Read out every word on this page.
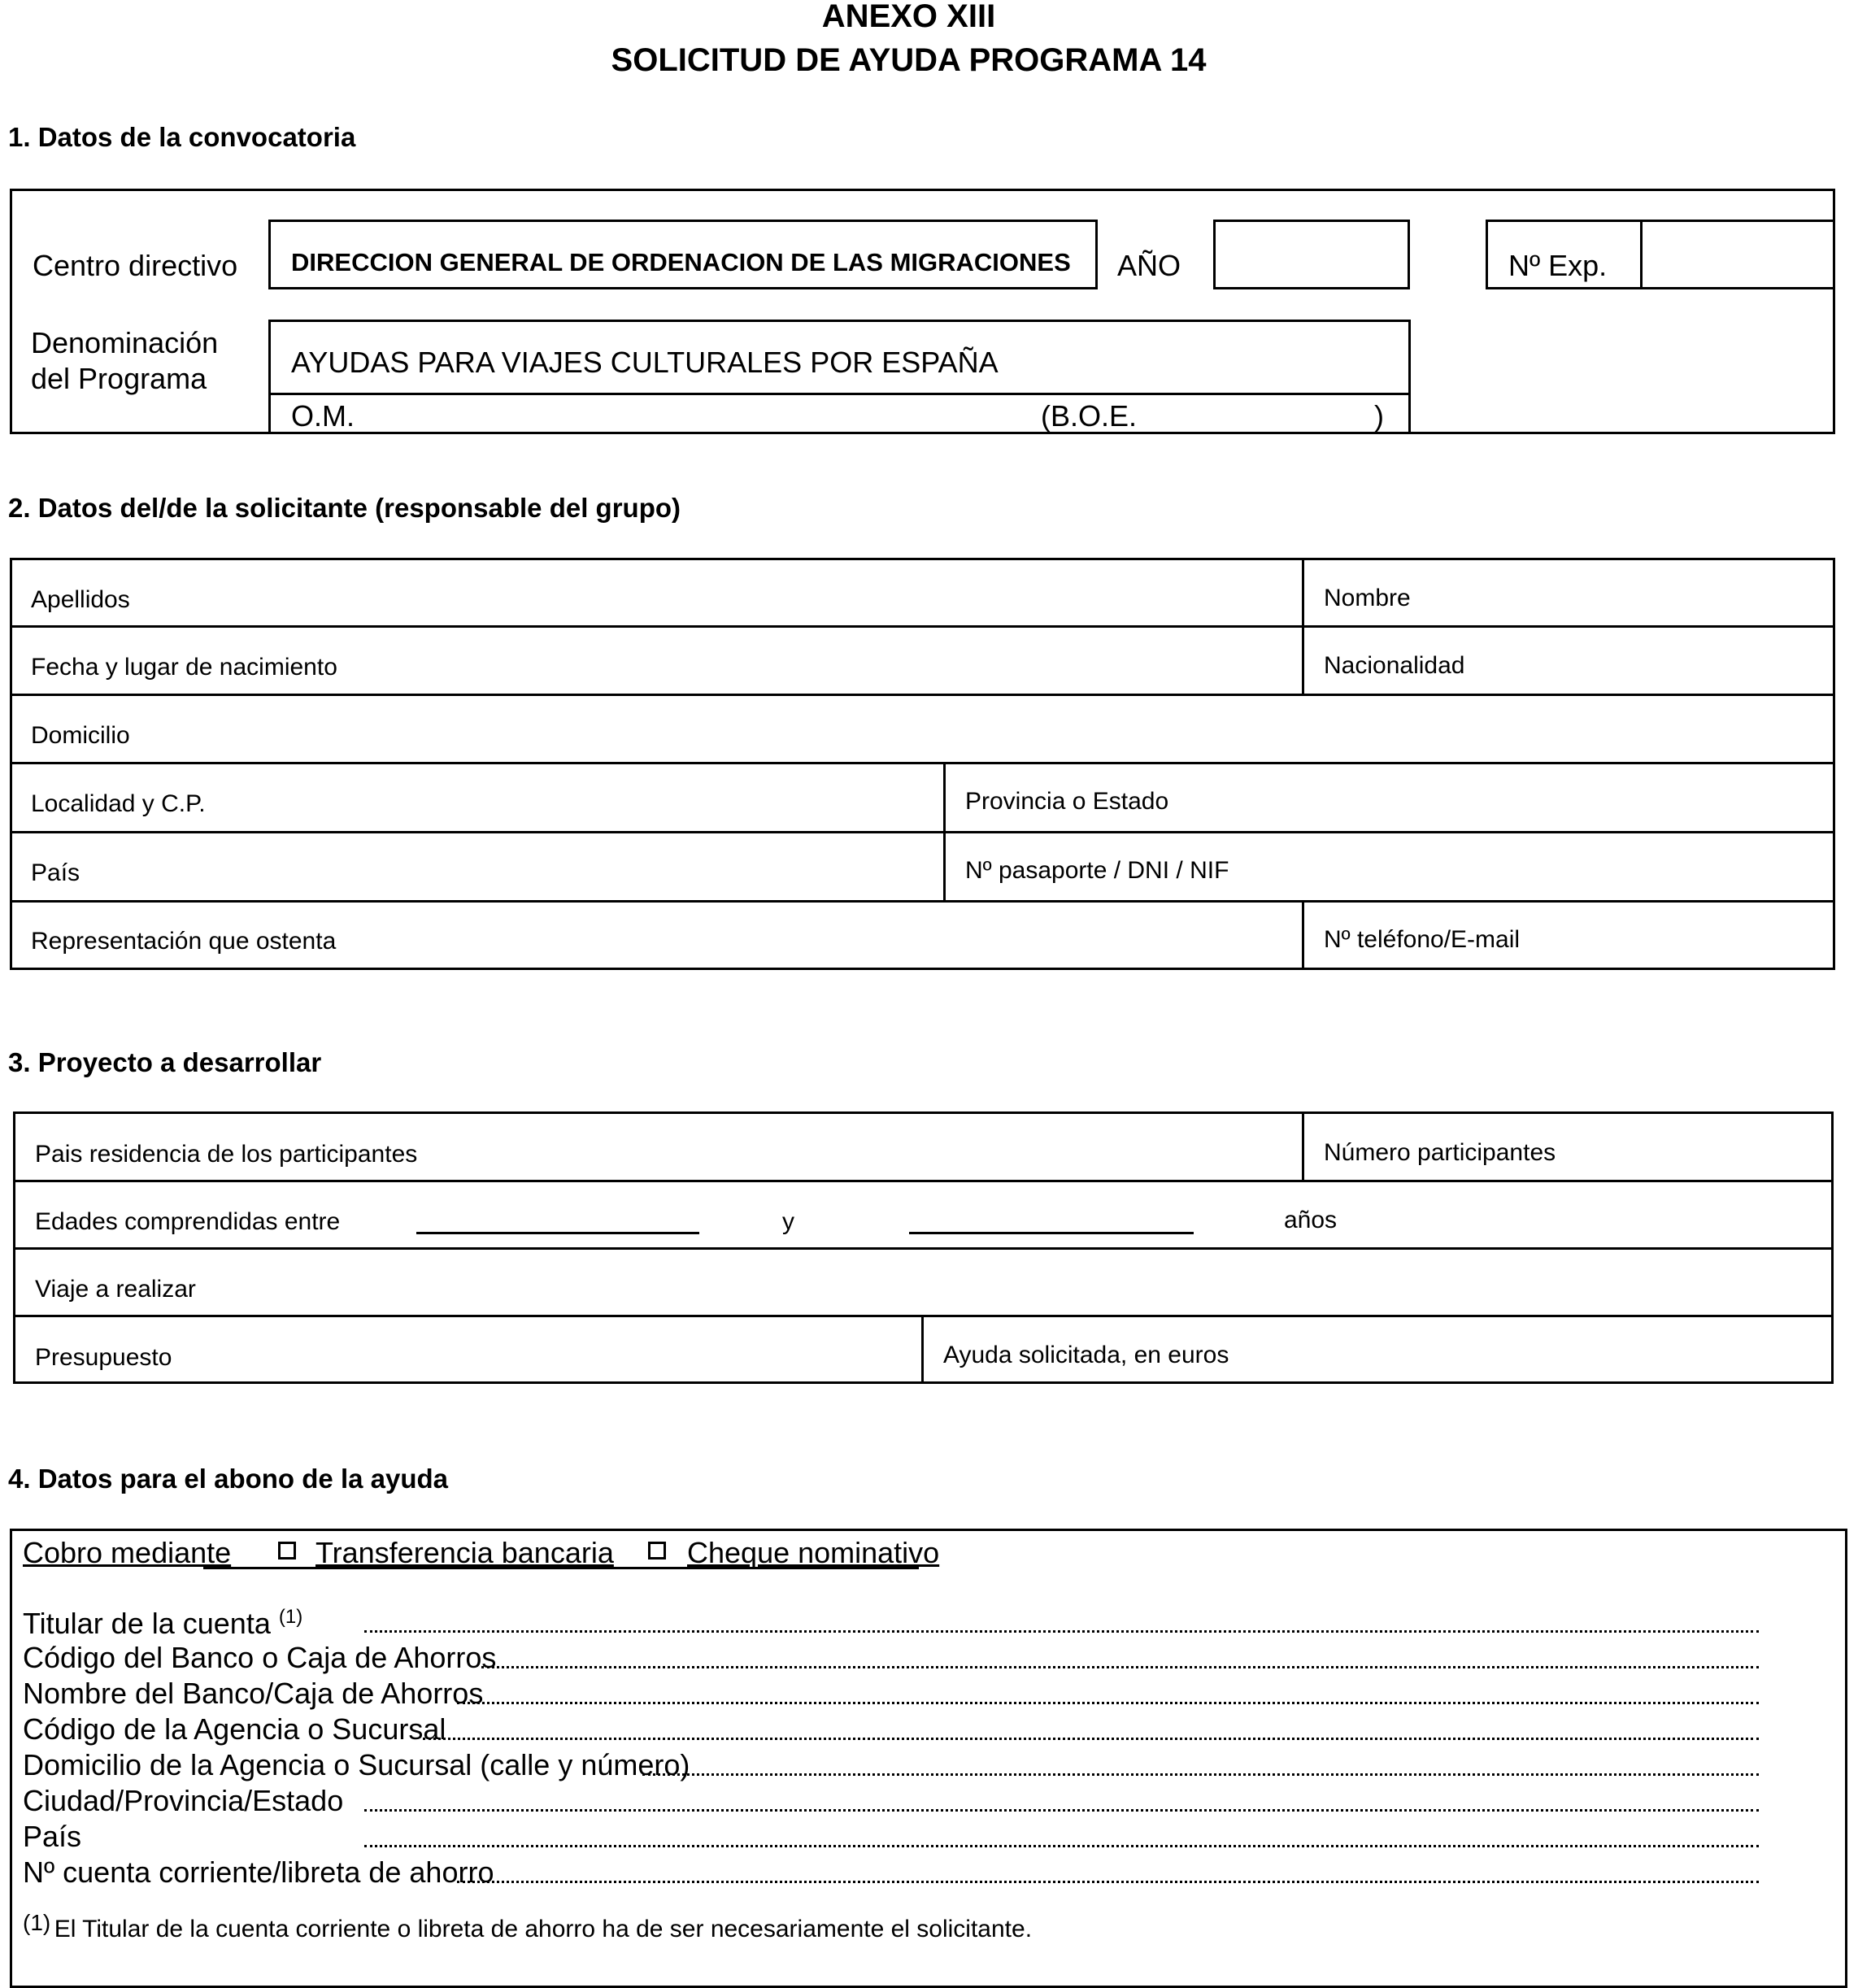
ANEXO XIII
SOLICITUD DE AYUDA PROGRAMA 14
1. Datos de la convocatoria
Centro directivo DIRECCION GENERAL DE ORDENACION DE LAS MIGRACIONES AÑO	Nº Exp.
Denominación
del Programa	AYUDAS PARA VIAJES CULTURALES POR ESPAÑA
O.M.	(B.O.E.	)
2. Datos del/de la solicitante (responsable del grupo)
Apellidos	Nombre
Fecha y lugar de nacimiento	Nacionalidad
Domicilio
Localidad y C.P.	Provincia o Estado
País	Nº pasaporte / DNI / NIF
Representación que ostenta	Nº teléfono/E-mail
3. Proyecto a desarrollar
Pais residencia de los participantes	Número participantes
Edades comprendidas entre	y	años
Viaje a realizar
Presupuesto	Ayuda solicitada, en euros
4. Datos para el abono de la ayuda
Cobro mediante	Transferencia bancaria	Cheque nominativo
Titular de la cuenta $^{(1)}$
Código del Banco o Caja de Ahorros
Nombre del Banco/Caja de Ahorros
Código de la Agencia o Sucursal
Domicilio de la Agencia o Sucursal (calle y número)
Ciudad/Provincia/Estado
País
Nº cuenta corriente/libreta de ahorro
(1) El Titular de la cuenta corriente o libreta de ahorro ha de ser necesariamente el solicitante.
